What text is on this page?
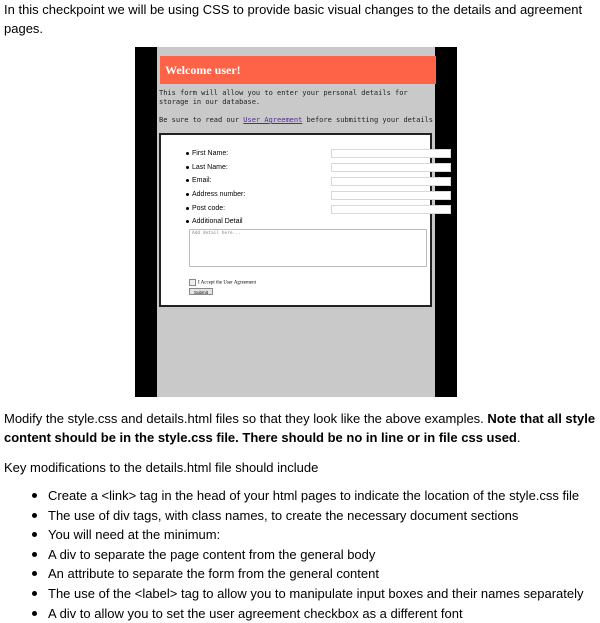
In this checkpoint we will be using CSS to provide basic visual changes to the details and agreement pages.

Welcome user!
This form will allow you to enter your personal details for storage in our database.
Be sure to read our User Agreement before submitting your details
First Name:
Last Name:
Email:
Address number:
Post code:
Additional Detail
Add detail here...
I Accept the User Agreement
Submit

Modify the style.css and details.html files so that they look like the above examples. Note that all style content should be in the style.css file. There should be no in line or in file css used.

Key modifications to the details.html file should include

Create a <link> tag in the head of your html pages to indicate the location of the style.css file
The use of div tags, with class names, to create the necessary document sections
You will need at the minimum:
A div to separate the page content from the general body
An attribute to separate the form from the general content
The use of the <label> tag to allow you to manipulate input boxes and their names separately
A div to allow you to set the user agreement checkbox as a different font
